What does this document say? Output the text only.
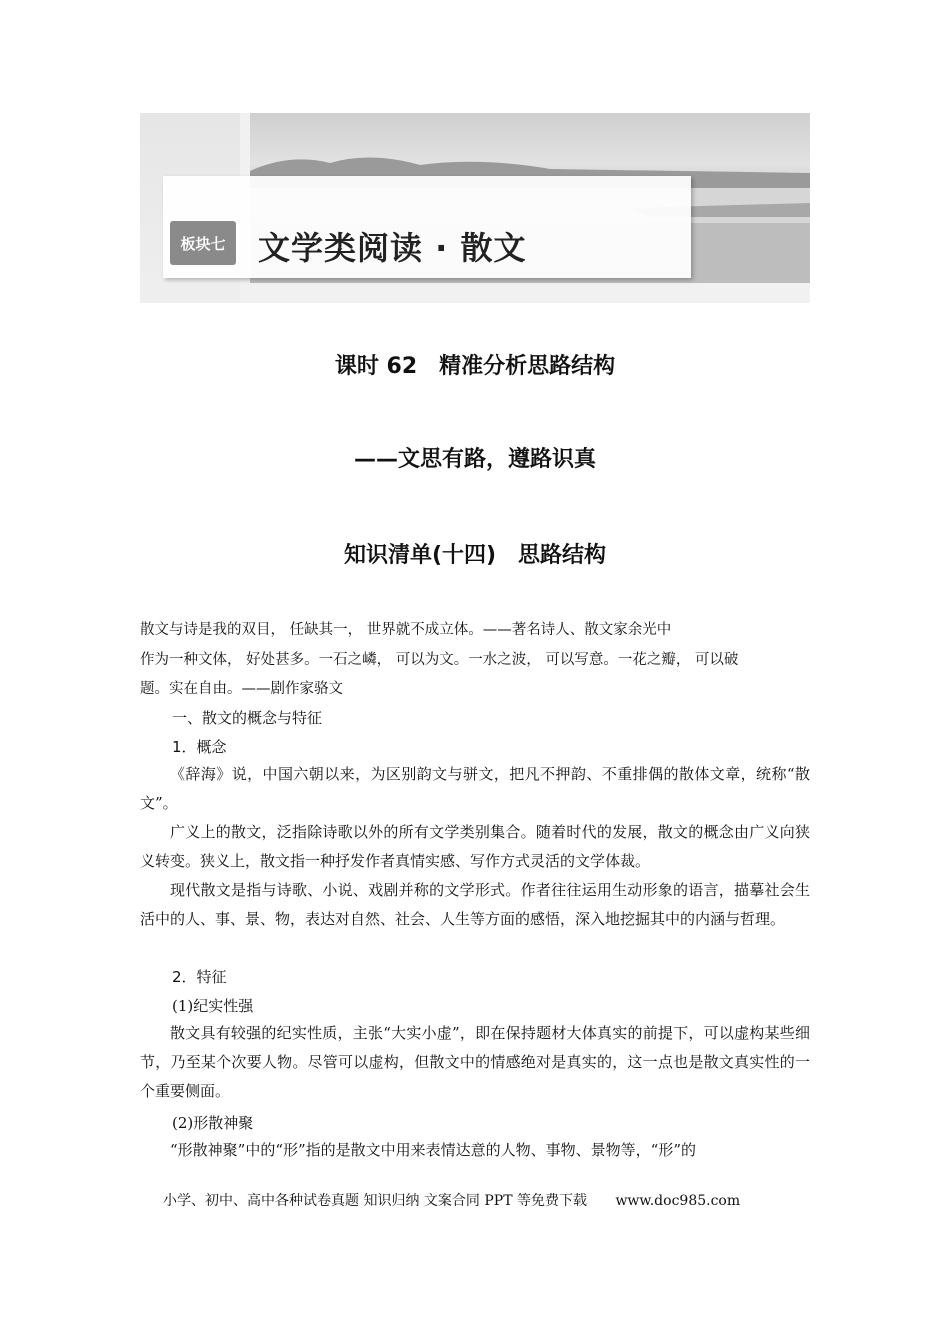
板块七	文学类阅读 · 散文
课时 62　精准分析思路结构
——文思有路，遵路识真
知识清单(十四)　思路结构
散文与诗是我的双目， 任缺其一， 世界就不成立体。——著名诗人、散文家余光中
作为一种文体， 好处甚多。一石之嶙， 可以为文。一水之波， 可以写意。一花之瓣， 可以破
题。实在自由。——剧作家骆文
一、散文的概念与特征
1．概念

《辞海》说，中国六朝以来，为区别韵文与骈文，把凡不押韵、不重排偶的散体文章，统称“散文”。

广义上的散文，泛指除诗歌以外的所有文学类别集合。随着时代的发展，散文的概念由广义向狭义转变。狭义上，散文指一种抒发作者真情实感、写作方式灵活的文学体裁。

现代散文是指与诗歌、小说、戏剧并称的文学形式。作者往往运用生动形象的语言，描摹社会生活中的人、事、景、物，表达对自然、社会、人生等方面的感悟，深入地挖掘其中的内涵与哲理。

2．特征
(1)纪实性强

散文具有较强的纪实性质，主张“大实小虚”，即在保持题材大体真实的前提下，可以虚构某些细节，乃至某个次要人物。尽管可以虚构，但散文中的情感绝对是真实的，这一点也是散文真实性的一个重要侧面。

(2)形散神聚

“形散神聚”中的“形”指的是散文中用来表情达意的人物、事物、景物等，“形”的

小学、初中、高中各种试卷真题 知识归纳 文案合同 PPT 等免费下载 www.doc985.com
